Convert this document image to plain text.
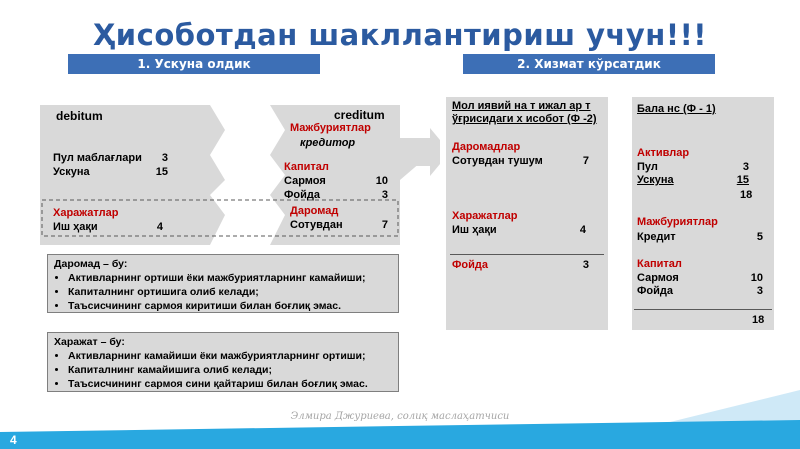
Ҳисоботдан шакллантириш учун!!!
1. Ускуна олдик	2. Хизмат кўрсатдик
debitum
Пул маблағлари 3
Ускуна	15
Харажатлар
Иш ҳақи	4
creditum
Мажбуриятлар
кредитор
Капитал
Сармоя	10
Фойда	3
Даромад
Сотувдан	7
Даромад – бу:
• Активларнинг ортиши ёки мажбуриятларнинг камайиши;
• Капиталнинг ортишига олиб келади;
• Таъсисчининг сармоя киритиши билан боғлиқ эмас.
Харажат – бу:
• Активларнинг камайиши ёки мажбуриятларнинг ортиши;
• Капиталнинг камайишига олиб келади;
• Таъсисчининг сармоя сини қайтариш билан боғлиқ эмас.
Мол иявий на т ижал ар т ўғрисидаги х исобот (Ф -2)
Даромадлар
Сотувдан тушум	7
Харажатлар
Иш ҳақи	4
Фойда	3
Бала нс (Ф - 1)
Активлар
Пул	3
Ускуна	15
18
Мажбуриятлар
Кредит	5
Капитал
Сармоя	10
Фойда	3
18
Элмира Джуриева, солиқ маслаҳатчиси
4
